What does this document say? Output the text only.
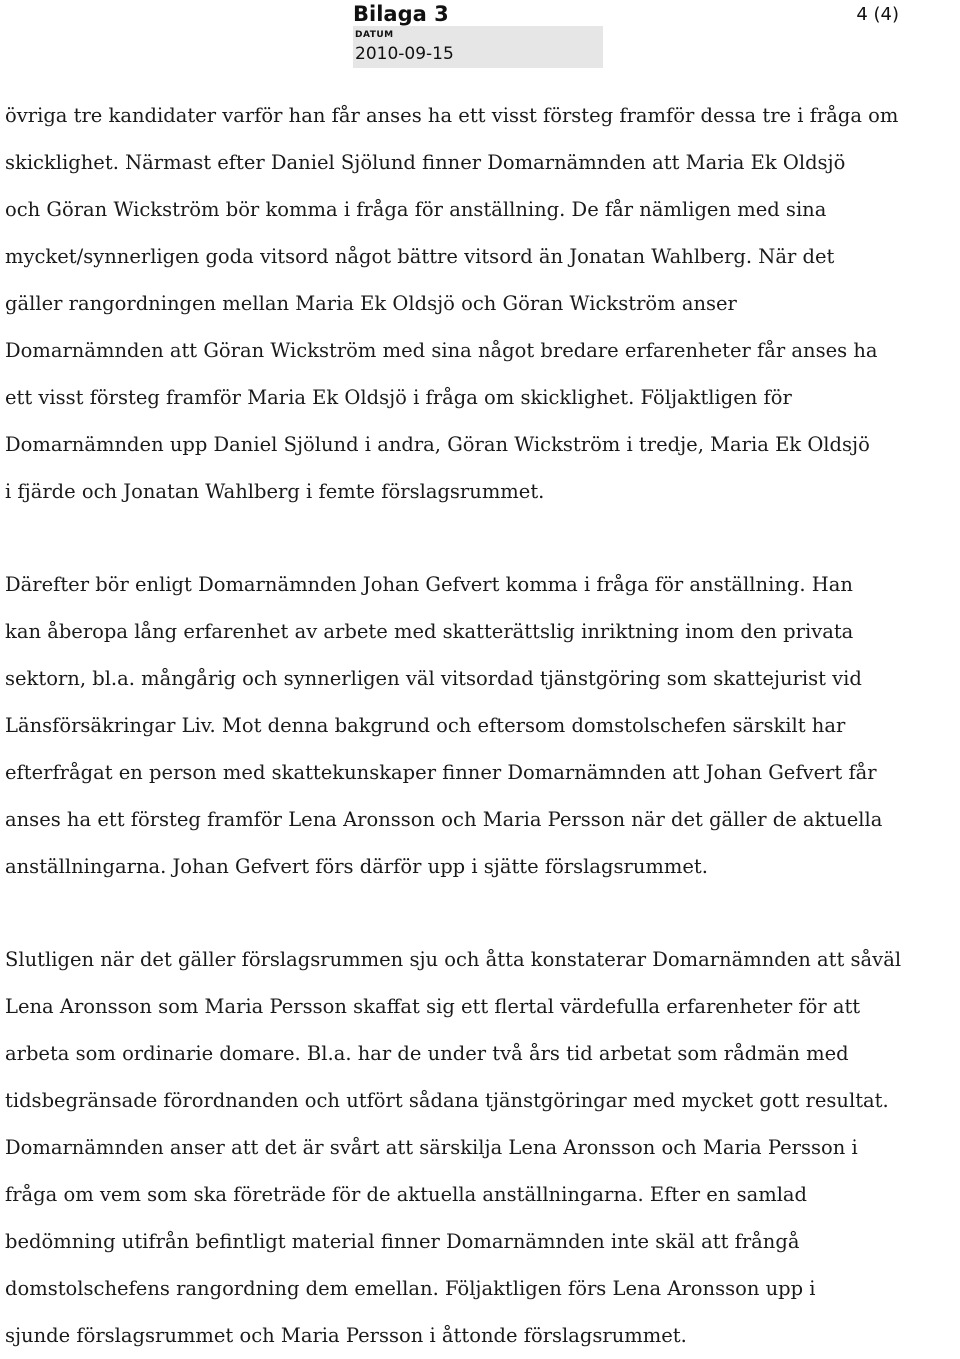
Bilaga 3	4 (4)
DATUM
2010-09-15
övriga tre kandidater varför han får anses ha ett visst försteg framför dessa tre i fråga om
skicklighet. Närmast efter Daniel Sjölund finner Domarnämnden att Maria Ek Oldsjö
och Göran Wickström bör komma i fråga för anställning. De får nämligen med sina
mycket/synnerligen goda vitsord något bättre vitsord än Jonatan Wahlberg. När det
gäller rangordningen mellan Maria Ek Oldsjö och Göran Wickström anser
Domarnämnden att Göran Wickström med sina något bredare erfarenheter får anses ha
ett visst försteg framför Maria Ek Oldsjö i fråga om skicklighet. Följaktligen för
Domarnämnden upp Daniel Sjölund i andra, Göran Wickström i tredje, Maria Ek Oldsjö
i fjärde och Jonatan Wahlberg i femte förslagsrummet.
Därefter bör enligt Domarnämnden Johan Gefvert komma i fråga för anställning. Han
kan åberopa lång erfarenhet av arbete med skatterättslig inriktning inom den privata
sektorn, bl.a. mångårig och synnerligen väl vitsordad tjänstgöring som skattejurist vid
Länsförsäkringar Liv. Mot denna bakgrund och eftersom domstolschefen särskilt har
efterfrågat en person med skattekunskaper finner Domarnämnden att Johan Gefvert får
anses ha ett försteg framför Lena Aronsson och Maria Persson när det gäller de aktuella
anställningarna. Johan Gefvert förs därför upp i sjätte förslagsrummet.
Slutligen när det gäller förslagsrummen sju och åtta konstaterar Domarnämnden att såväl
Lena Aronsson som Maria Persson skaffat sig ett flertal värdefulla erfarenheter för att
arbeta som ordinarie domare. Bl.a. har de under två års tid arbetat som rådmän med
tidsbegränsade förordnanden och utfört sådana tjänstgöringar med mycket gott resultat.
Domarnämnden anser att det är svårt att särskilja Lena Aronsson och Maria Persson i
fråga om vem som ska företräde för de aktuella anställningarna. Efter en samlad
bedömning utifrån befintligt material finner Domarnämnden inte skäl att frångå
domstolschefens rangordning dem emellan. Följaktligen förs Lena Aronsson upp i
sjunde förslagsrummet och Maria Persson i åttonde förslagsrummet.
